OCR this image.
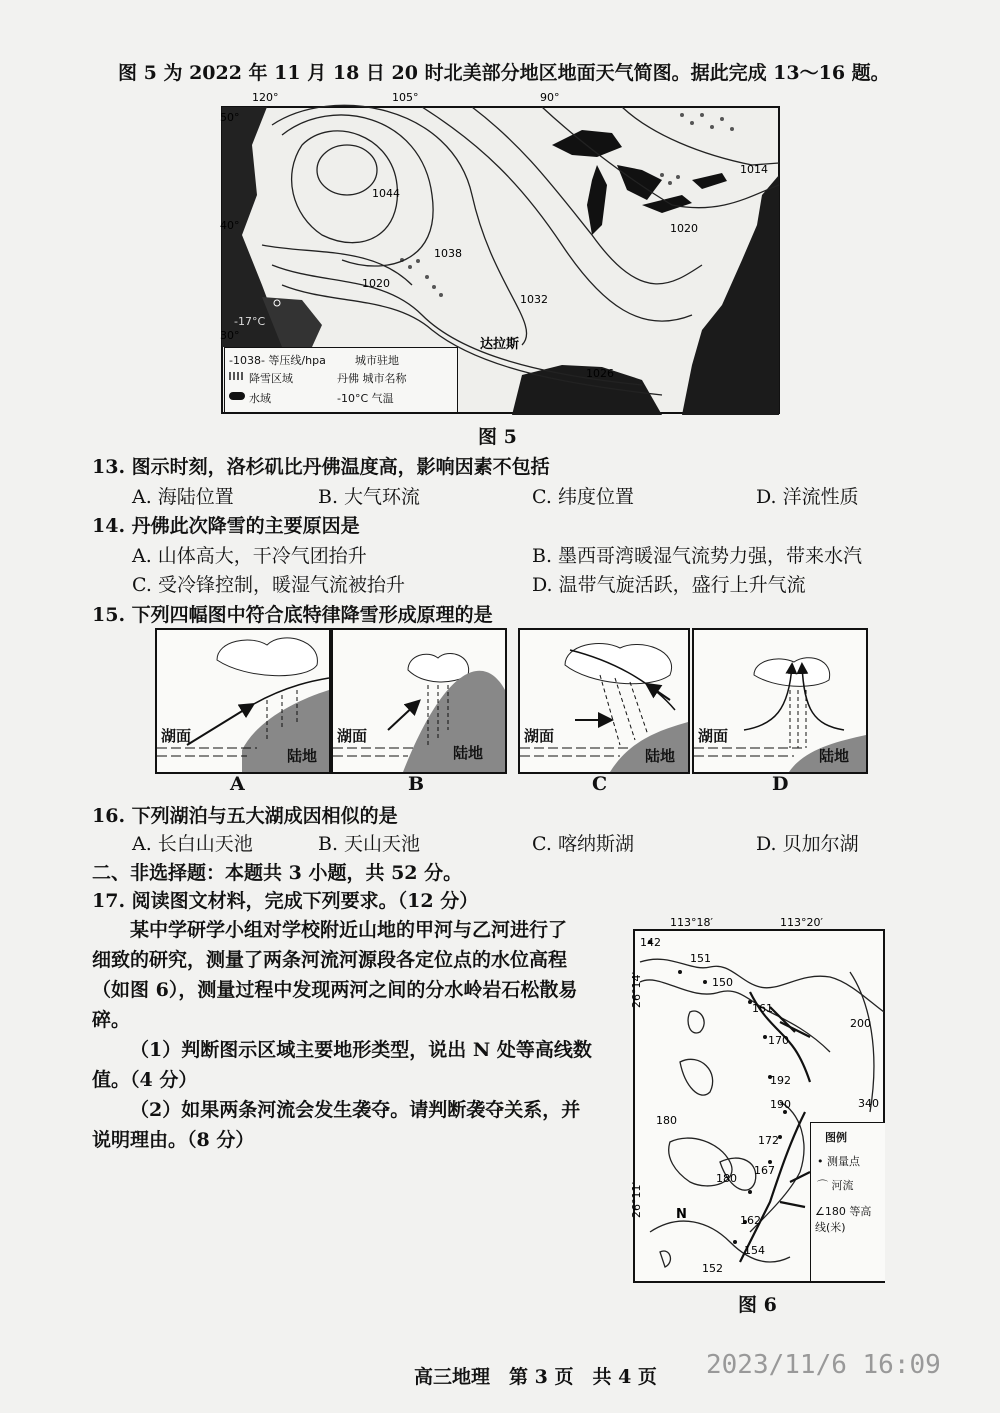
图 5 为 2022 年 11 月 18 日 20 时北美部分地区地面天气简图。据此完成 13～16 题。
120°	105°	90°
50°
40°
30°
1044
1038
1020
1032
1014
1020
1026
达拉斯
-17°C
-1038- 等压线/hpa
降雪区域
水域
城市驻地
丹佛 城市名称
-10°C 气温
图 5
13. 图示时刻，洛杉矶比丹佛温度高，影响因素不包括
A. 海陆位置	B. 大气环流	C. 纬度位置	D. 洋流性质
14. 丹佛此次降雪的主要原因是
A. 山体高大，干冷气团抬升	B. 墨西哥湾暖湿气流势力强，带来水汽
C. 受冷锋控制，暖湿气流被抬升	D. 温带气旋活跃，盛行上升气流
15. 下列四幅图中符合底特律降雪形成原理的是
湖面
陆地
A
湖面
陆地
B
湖面
陆地
C
湖面
陆地
D
16. 下列湖泊与五大湖成因相似的是
A. 长白山天池	B. 天山天池	C. 喀纳斯湖	D. 贝加尔湖
二、非选择题：本题共 3 小题，共 52 分。
17. 阅读图文材料，完成下列要求。（12 分）
某中学研学小组对学校附近山地的甲河与乙河进行了
细致的研究，测量了两条河流河源段各定位点的水位高程
（如图 6），测量过程中发现两河之间的分水岭岩石松散易
碎。
（1）判断图示区域主要地形类型，说出 N 处等高线数
值。（4 分）
（2）如果两条河流会发生袭夺。请判断袭夺关系，并
说明理由。（8 分）
113°18′	113°20′
26°14′
26°11′
142
151
150
161
170
192
200
340
190
180
172
167
180
162
154
152
N
图例
• 测量点
⌒ 河流
∠180 等高线(米)
图 6
高三地理　第 3 页　共 4 页 2023/11/6 16:09
